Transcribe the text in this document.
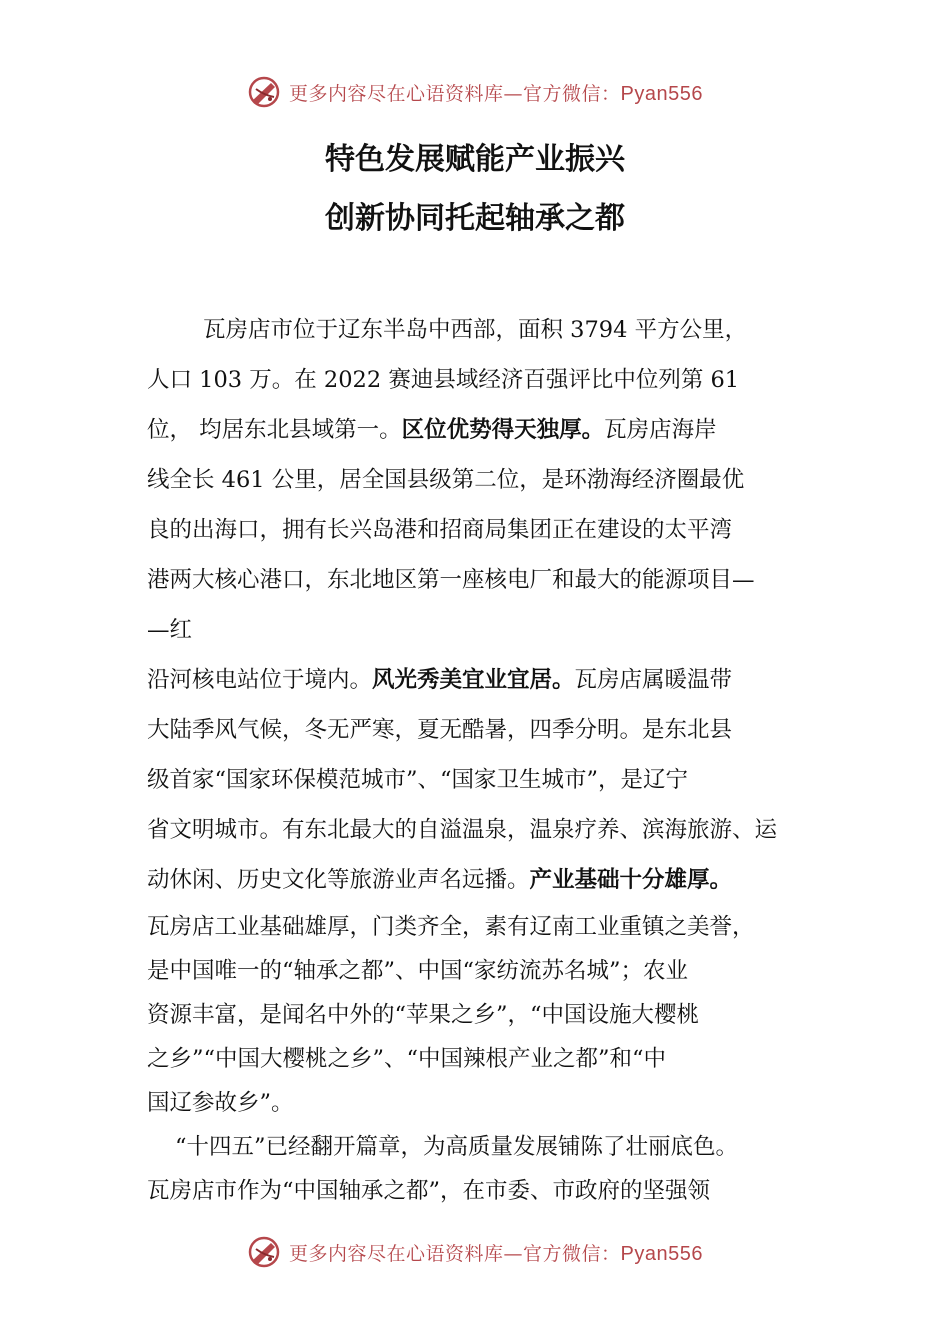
更多内容尽在心语资料库—官方微信：Pyan556
特色发展赋能产业振兴
创新协同托起轴承之都
瓦房店市位于辽东半岛中西部，面积 3794 平方公里，
人口 103 万。在 2022 赛迪县域经济百强评比中位列第 61
位， 均居东北县域第一。区位优势得天独厚。瓦房店海岸
线全长 461 公里，居全国县级第二位，是环渤海经济圈最优
良的出海口，拥有长兴岛港和招商局集团正在建设的太平湾
港两大核心港口，东北地区第一座核电厂和最大的能源项目—
—红
沿河核电站位于境内。风光秀美宜业宜居。瓦房店属暖温带
大陆季风气候，冬无严寒，夏无酷暑，四季分明。是东北县
级首家“国家环保模范城市”、“国家卫生城市”，是辽宁
省文明城市。有东北最大的自溢温泉，温泉疗养、滨海旅游、运
动休闲、历史文化等旅游业声名远播。产业基础十分雄厚。
瓦房店工业基础雄厚，门类齐全，素有辽南工业重镇之美誉，
是中国唯一的“轴承之都”、中国“家纺流苏名城”；农业
资源丰富，是闻名中外的“苹果之乡”，“中国设施大樱桃
之乡”“中国大樱桃之乡”、“中国辣根产业之都”和“中
国辽参故乡”。
“十四五”已经翻开篇章，为高质量发展铺陈了壮丽底色。
瓦房店市作为“中国轴承之都”，在市委、市政府的坚强领
更多内容尽在心语资料库—官方微信：Pyan556
